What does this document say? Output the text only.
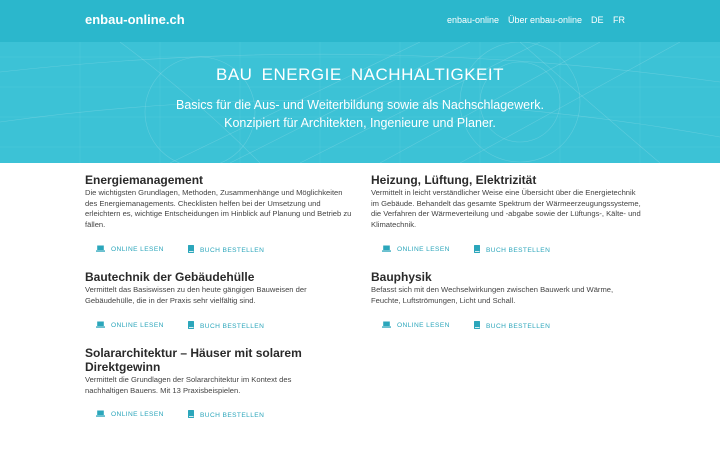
enbau-online.ch	enbau-online Über enbau-online DE FR
BAU ENERGIE NACHHALTIGKEIT
Basics für die Aus- und Weiterbildung sowie als Nachschlagewerk.
Konzipiert für Architekten, Ingenieure und Planer.
Energiemanagement

Die wichtigsten Grundlagen, Methoden, Zusammenhänge und Möglichkeiten des Energiemanagements. Checklisten helfen bei der Umsetzung und erleichtern es, wichtige Entscheidungen im Hinblick auf Planung und Betrieb zu fällen.

ONLINE LESEN	BUCH BESTELLEN
Heizung, Lüftung, Elektrizität

Vermittelt in leicht verständlicher Weise eine Übersicht über die Energietechnik im Gebäude. Behandelt das gesamte Spektrum der Wärmeerzeugungssysteme, die Verfahren der Wärmeverteilung und -abgabe sowie der Lüftungs-, Kälte- und Klimatechnik.

ONLINE LESEN	BUCH BESTELLEN
Bautechnik der Gebäudehülle

Vermittelt das Basiswissen zu den heute gängigen Bauweisen der Gebäudehülle, die in der Praxis sehr vielfältig sind.

ONLINE LESEN	BUCH BESTELLEN
Bauphysik

Befasst sich mit den Wechselwirkungen zwischen Bauwerk und Wärme, Feuchte, Luftströmungen, Licht und Schall.

ONLINE LESEN	BUCH BESTELLEN
Solararchitektur – Häuser mit solarem Direktgewinn

Vermittelt die Grundlagen der Solararchitektur im Kontext des nachhaltigen Bauens. Mit 13 Praxisbeispielen.

ONLINE LESEN	BUCH BESTELLEN
